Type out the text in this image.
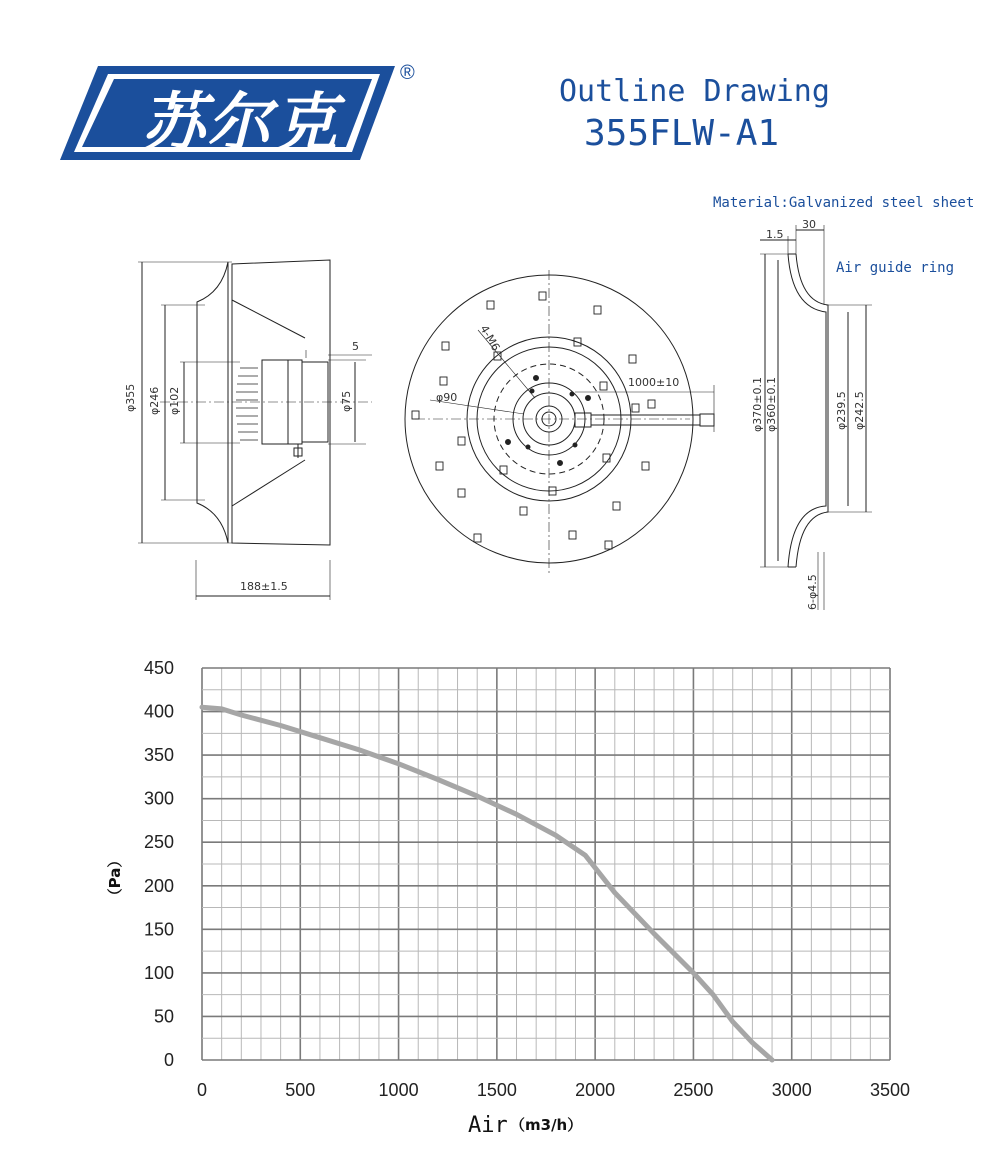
苏尔克
®
Outline Drawing
355FLW-A1
Material:Galvanized steel sheet
Air guide ring
φ355 φ246 φ102	φ75
5
188±1.5
4-M6
φ90
1000±10
30
1.5
φ370±0.1 φ360±0.1	φ239.5 φ242.5
6-φ4.5
0
50
100
150
200
250
300
350
400
450
0	500	1000	1500	2000	2500	3000	3500
（Pa）
Air （m3/h）
